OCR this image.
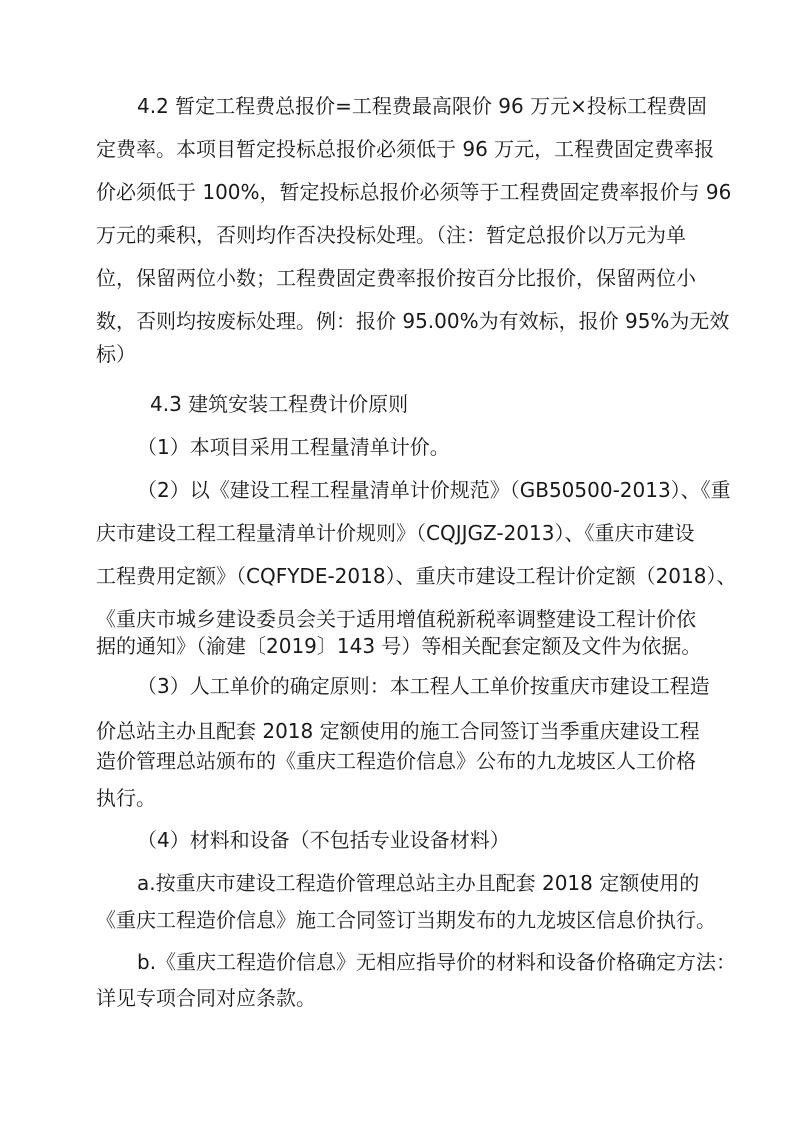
4.2 暂定工程费总报价=工程费最高限价 96 万元×投标工程费固
定费率。本项目暂定投标总报价必须低于 96 万元，工程费固定费率报
价必须低于 100%，暂定投标总报价必须等于工程费固定费率报价与 96
万元的乘积，否则均作否决投标处理。（注：暂定总报价以万元为单
位，保留两位小数；工程费固定费率报价按百分比报价，保留两位小
数，否则均按废标处理。例：报价 95.00%为有效标，报价 95%为无效
标）
4.3 建筑安装工程费计价原则
（1）本项目采用工程量清单计价。
（2）以《建设工程工程量清单计价规范》（GB50500-2013）、《重
庆市建设工程工程量清单计价规则》（CQJJGZ-2013）、《重庆市建设
工程费用定额》（CQFYDE-2018）、重庆市建设工程计价定额（2018）、
《重庆市城乡建设委员会关于适用增值税新税率调整建设工程计价依
据的通知》（渝建〔2019〕143 号）等相关配套定额及文件为依据。
（3）人工单价的确定原则：本工程人工单价按重庆市建设工程造
价总站主办且配套 2018 定额使用的施工合同签订当季重庆建设工程
造价管理总站颁布的《重庆工程造价信息》公布的九龙坡区人工价格
执行。
（4）材料和设备（不包括专业设备材料）
a.按重庆市建设工程造价管理总站主办且配套 2018 定额使用的
《重庆工程造价信息》施工合同签订当期发布的九龙坡区信息价执行。
b.《重庆工程造价信息》无相应指导价的材料和设备价格确定方法：
详见专项合同对应条款。
